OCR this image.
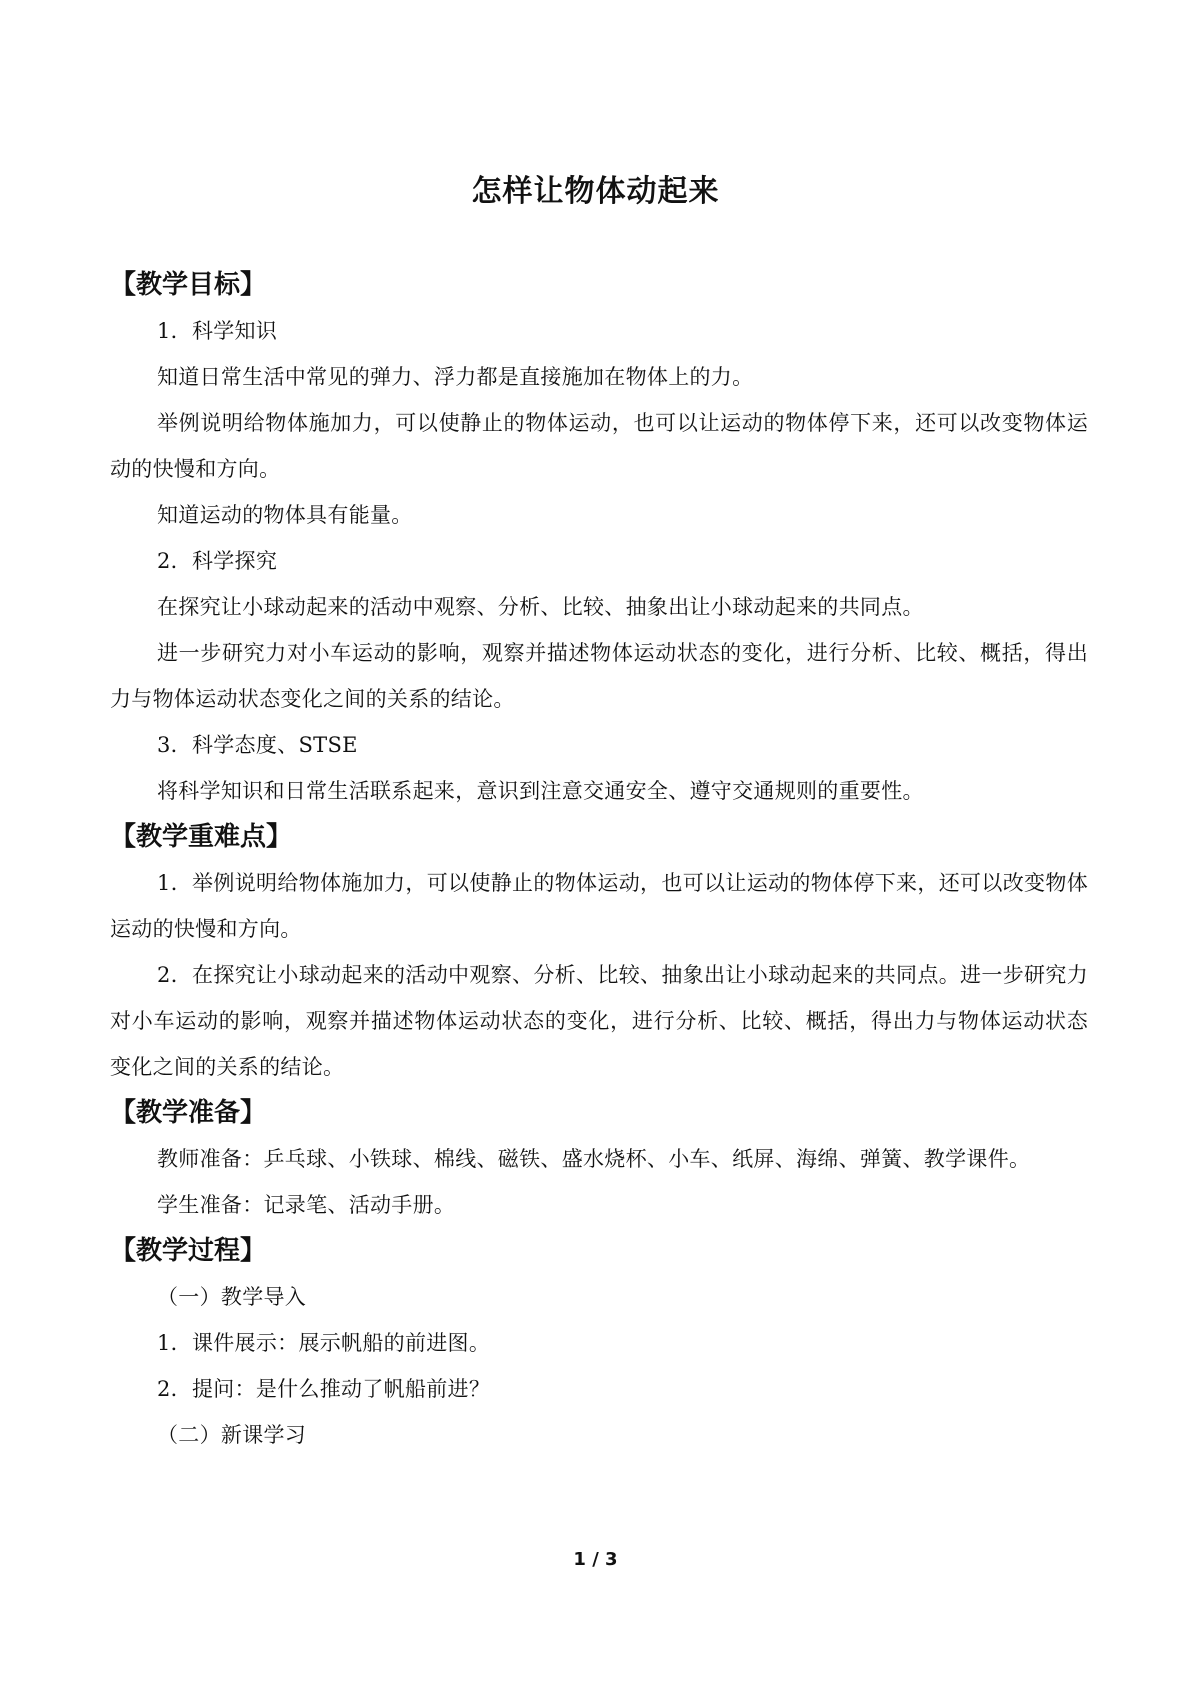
怎样让物体动起来

【教学目标】

1．科学知识

知道日常生活中常见的弹力、浮力都是直接施加在物体上的力。

举例说明给物体施加力，可以使静止的物体运动，也可以让运动的物体停下来，还可以改变物体运动的快慢和方向。

知道运动的物体具有能量。

2．科学探究

在探究让小球动起来的活动中观察、分析、比较、抽象出让小球动起来的共同点。

进一步研究力对小车运动的影响，观察并描述物体运动状态的变化，进行分析、比较、概括，得出力与物体运动状态变化之间的关系的结论。

3．科学态度、STSE

将科学知识和日常生活联系起来，意识到注意交通安全、遵守交通规则的重要性。

【教学重难点】

1．举例说明给物体施加力，可以使静止的物体运动，也可以让运动的物体停下来，还可以改变物体运动的快慢和方向。

2．在探究让小球动起来的活动中观察、分析、比较、抽象出让小球动起来的共同点。进一步研究力对小车运动的影响，观察并描述物体运动状态的变化，进行分析、比较、概括，得出力与物体运动状态变化之间的关系的结论。

【教学准备】

教师准备：乒乓球、小铁球、棉线、磁铁、盛水烧杯、小车、纸屏、海绵、弹簧、教学课件。

学生准备：记录笔、活动手册。

【教学过程】

（一）教学导入

1．课件展示：展示帆船的前进图。

2．提问：是什么推动了帆船前进？

（二）新课学习

1 / 3
